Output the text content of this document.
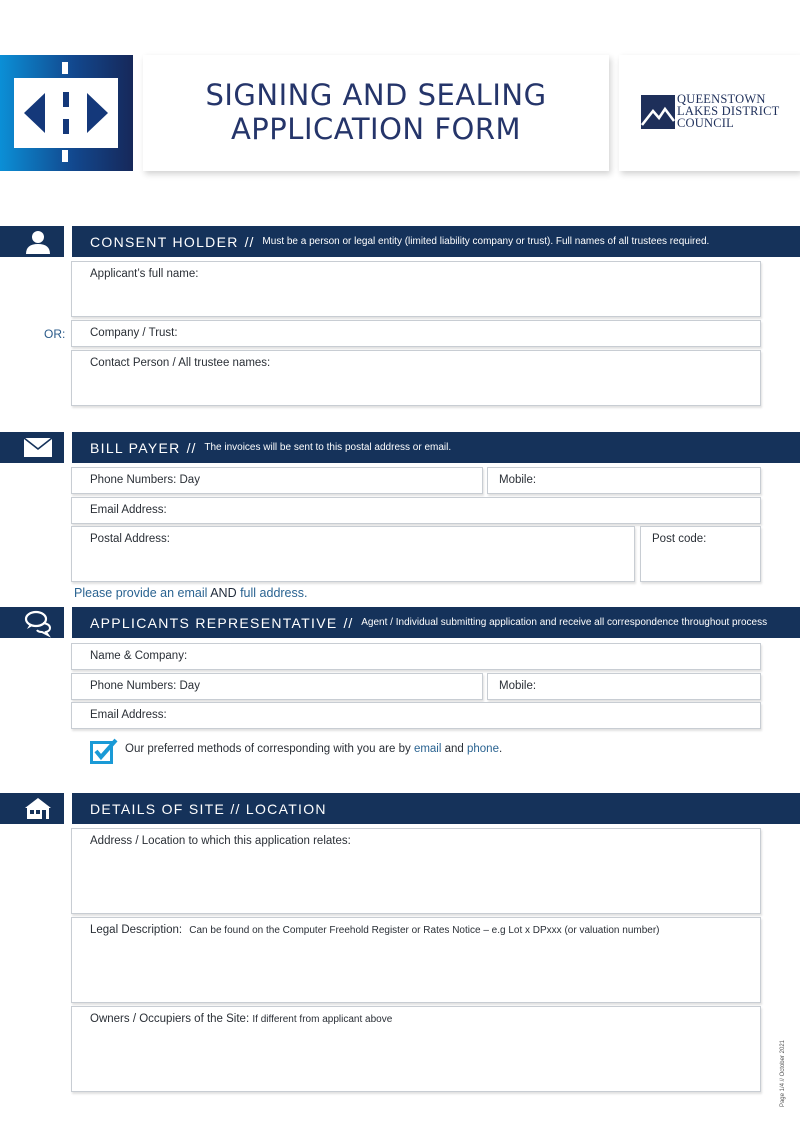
SIGNING AND SEALING
APPLICATION FORM
QUEENSTOWN
LAKES DISTRICT
COUNCIL
CONSENT HOLDER // Must be a person or legal entity (limited liability company or trust). Full names of all trustees required.
Applicant’s full name:
OR:	Company / Trust:
Contact Person / All trustee names:
BILL PAYER // The invoices will be sent to this postal address or email.
Phone Numbers: Day	Mobile:
Email Address:
Postal Address:	Post code:
Please provide an email AND full address.
APPLICANTS REPRESENTATIVE // Agent / Individual submitting application and receive all correspondence throughout process
Name & Company:
Phone Numbers: Day	Mobile:
Email Address:
Our preferred methods of corresponding with you are by email and phone.
DETAILS OF SITE // LOCATION
Address / Location to which this application relates:
Legal Description: Can be found on the Computer Freehold Register or Rates Notice – e.g Lot x DPxxx (or valuation number)
Owners / Occupiers of the Site: If different from applicant above
Page 1/4 // October 2021
